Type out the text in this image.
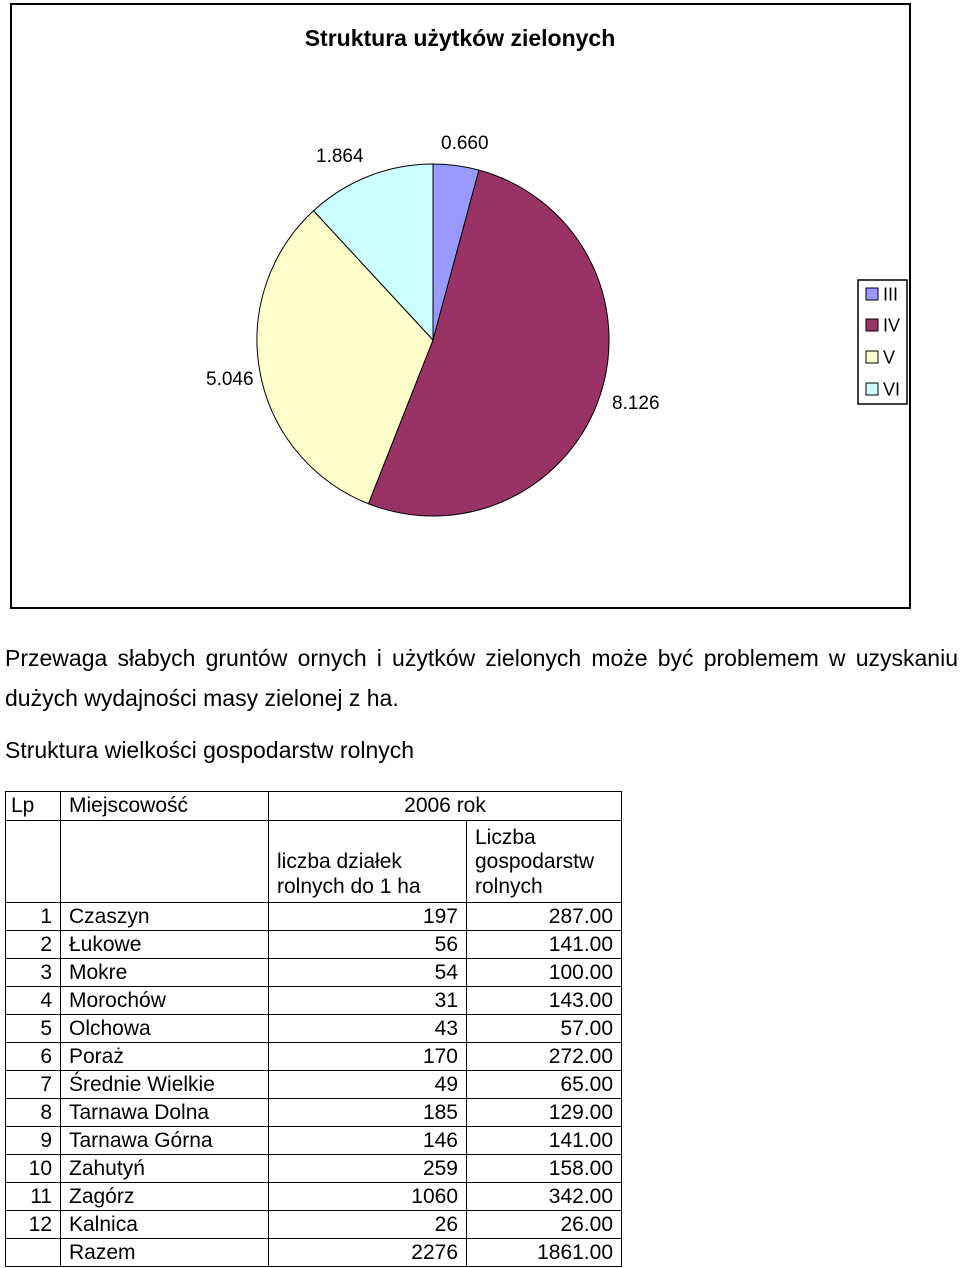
Struktura użytków zielonych
0.660
8.126
5.046
1.864
III
IV
V
VI

Przewaga słabych gruntów ornych i użytków zielonych może być problemem w uzyskaniu dużych wydajności masy zielonej z ha.

Struktura wielkości gospodarstw rolnych
Lp	Miejscowość	2006 rok	

		liczba działek rolnych do 1 ha	Liczba gospodarstw rolnych
1	Czaszyn	197	287.00
2	Łukowe	56	141.00
3	Mokre	54	100.00
4	Morochów	31	143.00
5	Olchowa	43	57.00
6	Poraż	170	272.00
7	Średnie Wielkie	49	65.00
8	Tarnawa Dolna	185	129.00
9	Tarnawa Górna	146	141.00
10	Zahutyń	259	158.00
11	Zagórz	1060	342.00
12	Kalnica	26	26.00
	Razem	2276	1861.00
